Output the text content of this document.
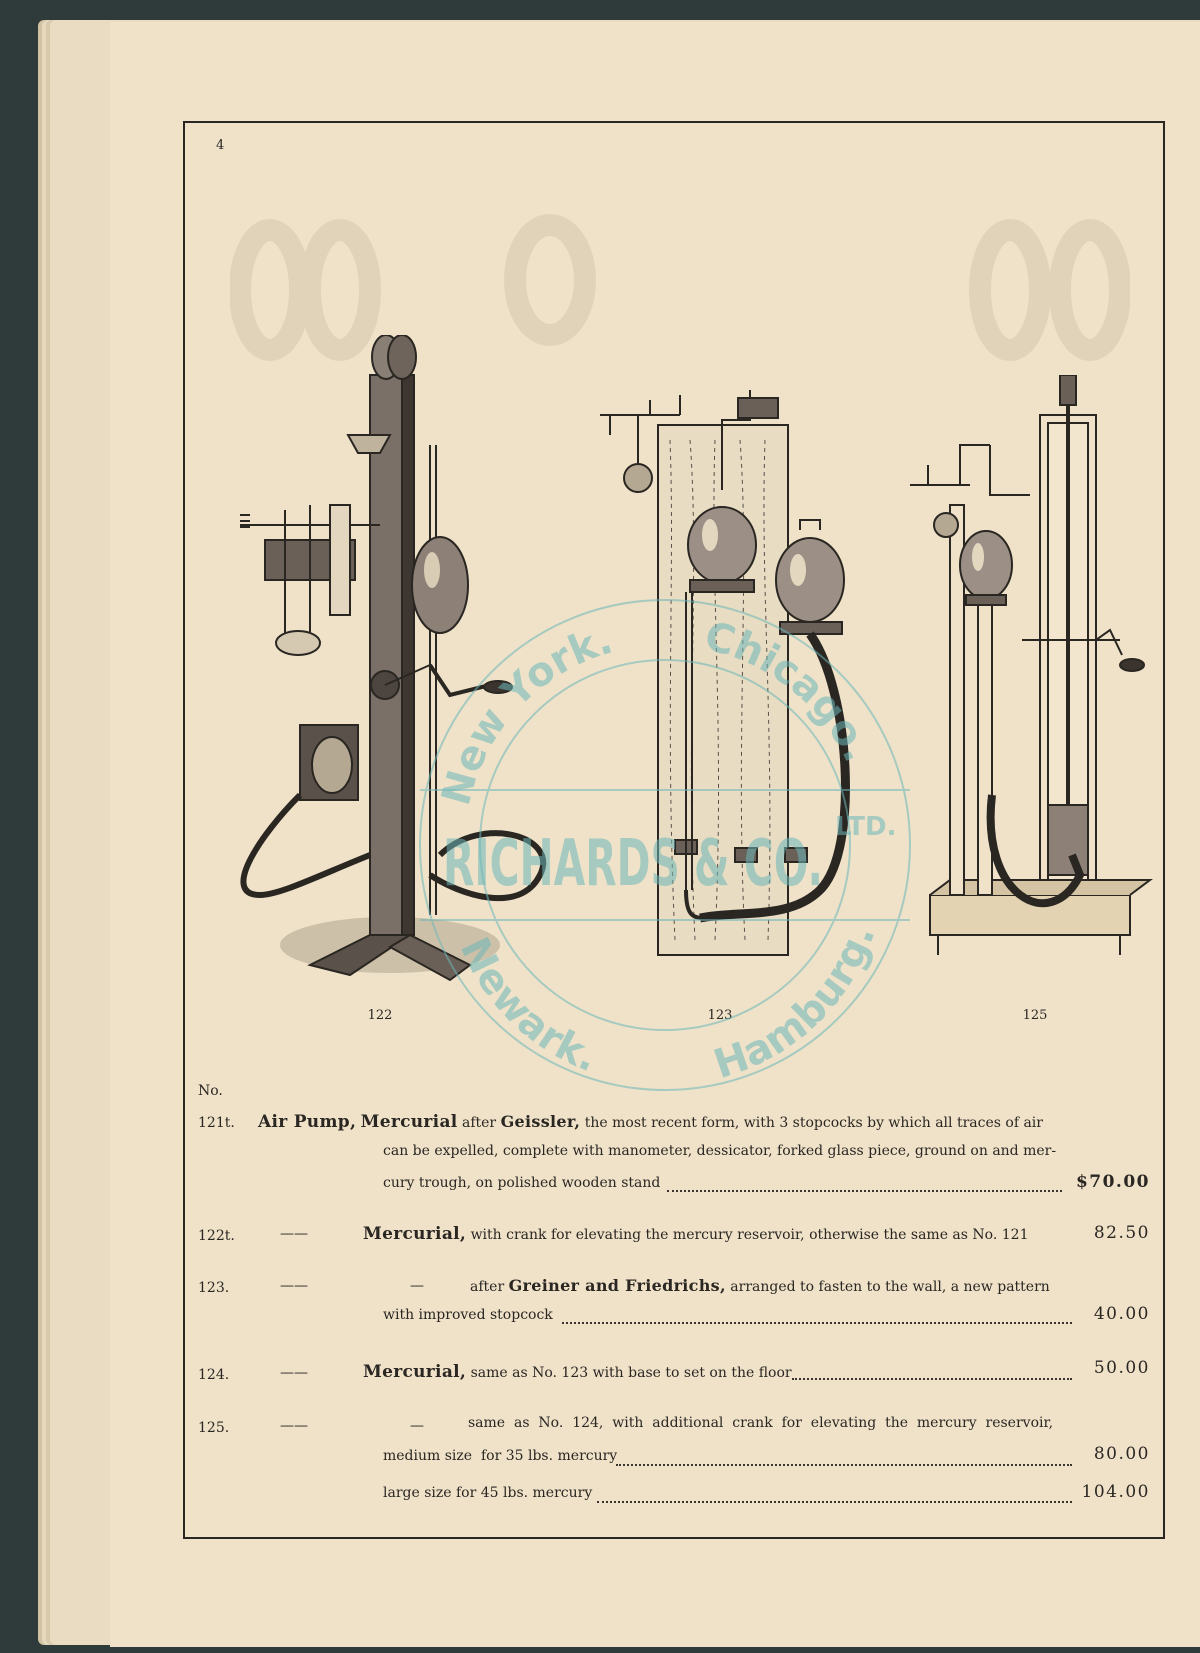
4
122	123	125
New York. Chicago.
RICHARDS & CO. LTD.
Newark.	Hamburg.
No.
121t. Air Pump, Mercurial after Geissler, the most recent form, with 3 stopcocks by which all traces of air
can be expelled, complete with manometer, dessicator, forked glass piece, ground on and mer-
cury trough, on polished wooden stand	$70.00
122t.	——	Mercurial, with crank for elevating the mercury reservoir, otherwise the same as No. 121	82.50
123.	——	—	after Greiner and Friedrichs, arranged to fasten to the wall, a new pattern
with improved stopcock	40.00
124.	——	Mercurial, same as No. 123 with base to set on the floor	50.00
125.	——	—	same  as  No.  124,  with  additional  crank  for  elevating  the  mercury  reservoir,
medium size  for 35 lbs. mercury	80.00
large size for 45 lbs. mercury	104.00
